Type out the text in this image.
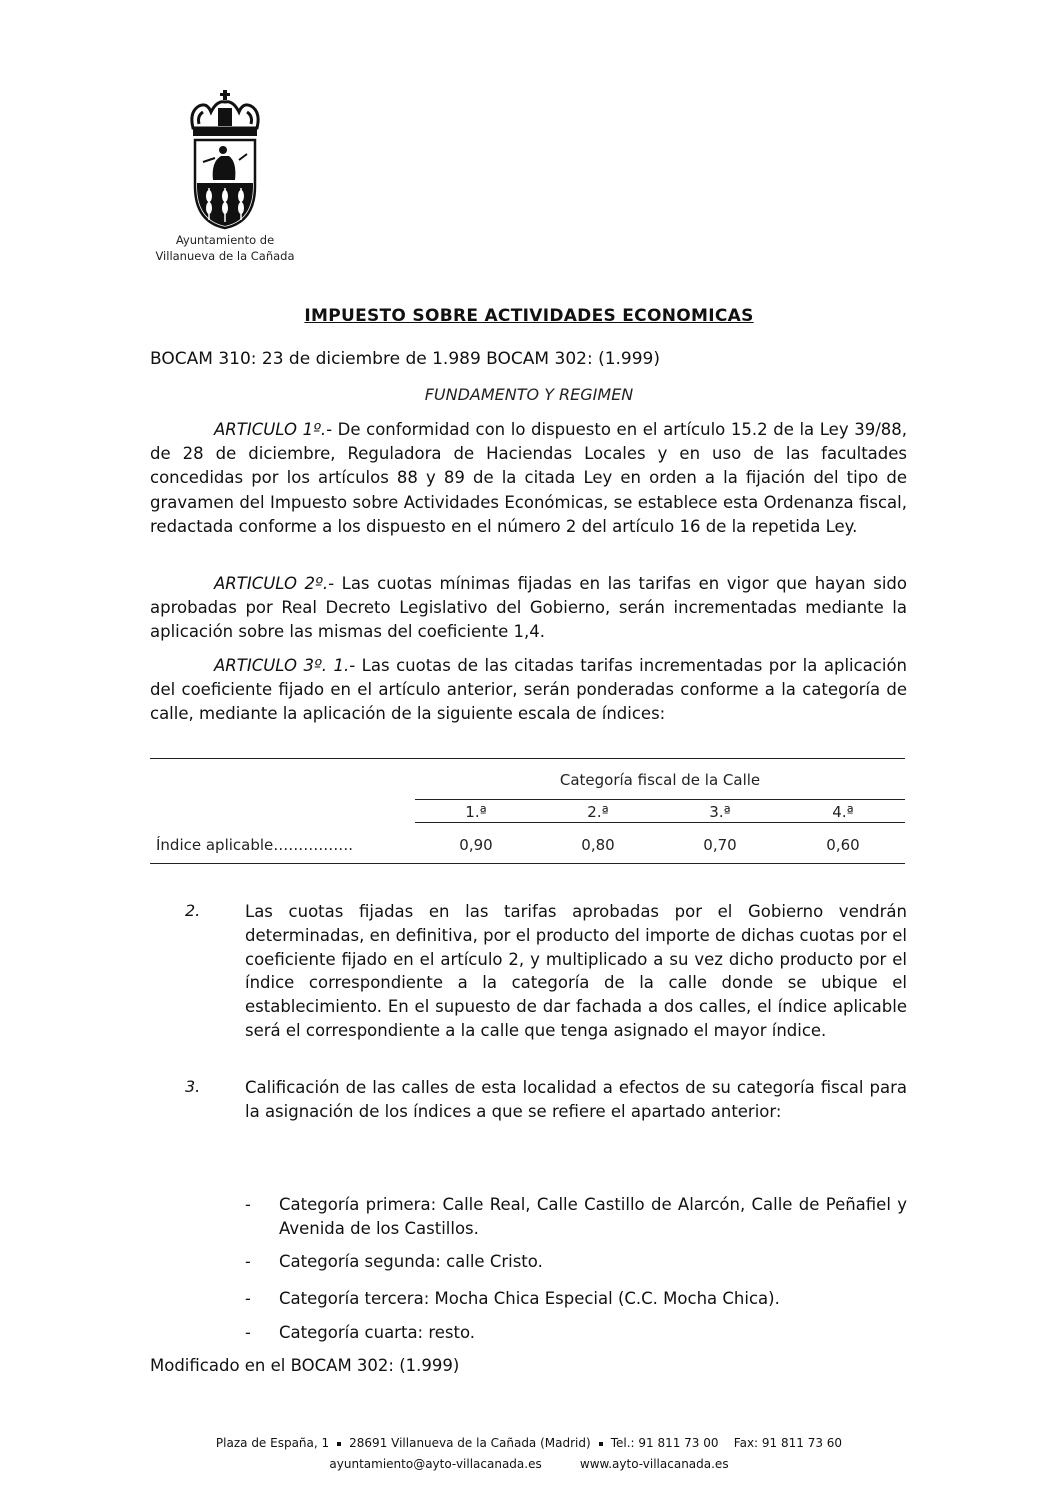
Ayuntamiento de
Villanueva de la Cañada
IMPUESTO SOBRE ACTIVIDADES ECONOMICAS
BOCAM 310: 23 de diciembre de 1.989 BOCAM 302: (1.999)
FUNDAMENTO Y REGIMEN

ARTICULO 1º.- De conformidad con lo dispuesto en el artículo 15.2 de la Ley 39/88, de 28 de diciembre, Reguladora de Haciendas Locales y en uso de las facultades concedidas por los artículos 88 y 89 de la citada Ley en orden a la fijación del tipo de gravamen del Impuesto sobre Actividades Económicas, se establece esta Ordenanza fiscal, redactada conforme a los dispuesto en el número 2 del artículo 16 de la repetida Ley.

ARTICULO 2º.- Las cuotas mínimas fijadas en las tarifas en vigor que hayan sido aprobadas por Real Decreto Legislativo del Gobierno, serán incrementadas mediante la aplicación sobre las mismas del coeficiente 1,4.

ARTICULO 3º. 1.- Las cuotas de las citadas tarifas incrementadas por la aplicación del coeficiente fijado en el artículo anterior, serán ponderadas conforme a la categoría de calle, mediante la aplicación de la siguiente escala de índices:

Categoría fiscal de la Calle
1.ª	2.ª	3.ª	4.ª
Índice aplicable…………….	0,90	0,80	0,70	0,60
2.	Las cuotas fijadas en las tarifas aprobadas por el Gobierno vendrán determinadas, en definitiva, por el producto del importe de dichas cuotas por el coeficiente fijado en el artículo 2, y multiplicado a su vez dicho producto por el índice correspondiente a la categoría de la calle donde se ubique el establecimiento. En el supuesto de dar fachada a dos calles, el índice aplicable será el correspondiente a la calle que tenga asignado el mayor índice.
3.	Calificación de las calles de esta localidad a efectos de su categoría fiscal para la asignación de los índices a que se refiere el apartado anterior:
- Categoría primera: Calle Real, Calle Castillo de Alarcón, Calle de Peñafiel y Avenida de los Castillos.
- Categoría segunda: calle Cristo.
- Categoría tercera: Mocha Chica Especial (C.C. Mocha Chica).
- Categoría cuarta: resto.
Modificado en el BOCAM 302: (1.999)
Plaza de España, 1 28691 Villanueva de la Cañada (Madrid) Tel.: 91 811 73 00 Fax: 91 811 73 60
ayuntamiento@ayto-villacanada.es	www.ayto-villacanada.es
